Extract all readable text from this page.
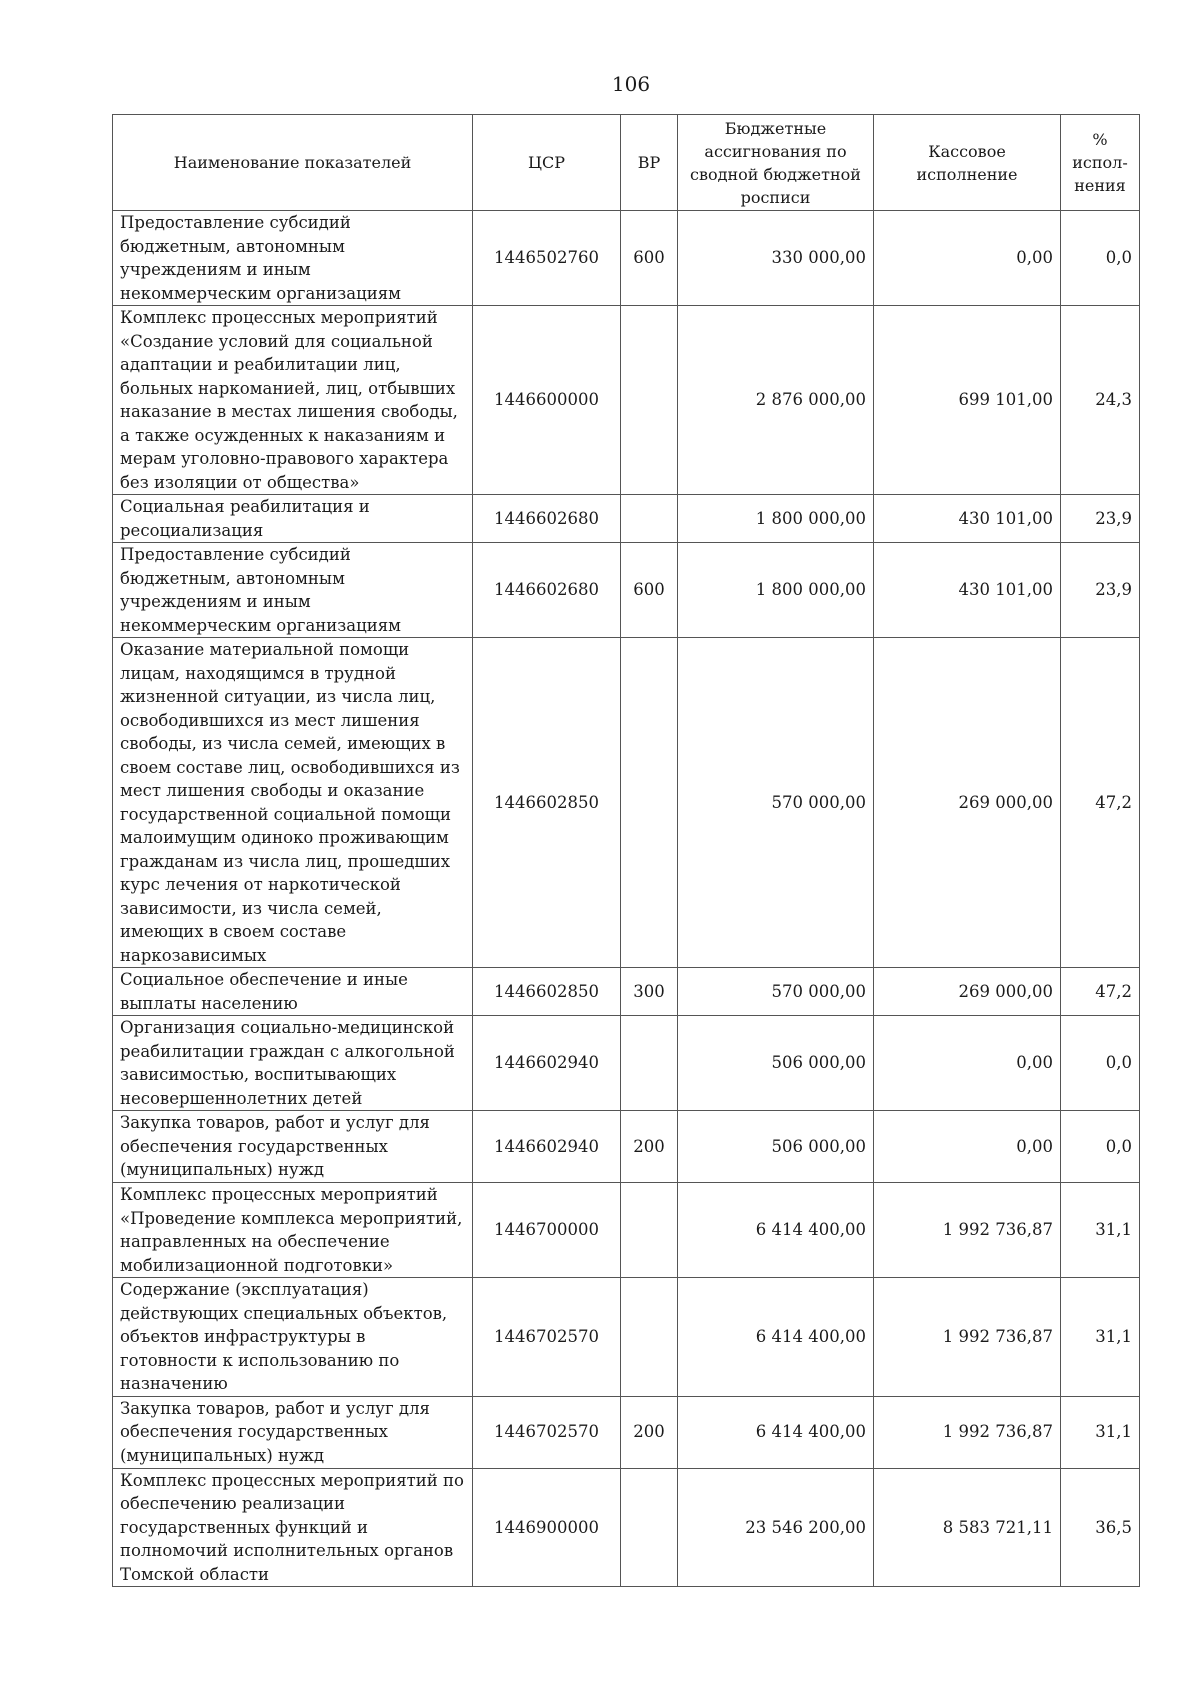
106
Наименование показателей	ЦСР	ВР	Бюджетные ассигнования по сводной бюджетной росписи	Кассовое исполнение	% испол-нения
Предоставление субсидий бюджетным, автономным учреждениям и иным некоммерческим организациям	1446502760	600	330 000,00	0,00	0,0
Комплекс процессных мероприятий «Создание условий для социальной адаптации и реабилитации лиц, больных наркоманией, лиц, отбывших наказание в местах лишения свободы, а также осужденных к наказаниям и мерам уголовно-правового характера без изоляции от общества»	1446600000		2 876 000,00	699 101,00	24,3
Социальная реабилитация и ресоциализация	1446602680		1 800 000,00	430 101,00	23,9
Предоставление субсидий бюджетным, автономным учреждениям и иным некоммерческим организациям	1446602680	600	1 800 000,00	430 101,00	23,9
Оказание материальной помощи лицам, находящимся в трудной жизненной ситуации, из числа лиц, освободившихся из мест лишения свободы, из числа семей, имеющих в своем составе лиц, освободившихся из мест лишения свободы и оказание государственной социальной помощи малоимущим одиноко проживающим гражданам из числа лиц, прошедших курс лечения от наркотической зависимости, из числа семей, имеющих в своем составе наркозависимых	1446602850		570 000,00	269 000,00	47,2
Социальное обеспечение и иные выплаты населению	1446602850	300	570 000,00	269 000,00	47,2
Организация социально-медицинской реабилитации граждан с алкогольной зависимостью, воспитывающих несовершеннолетних детей	1446602940		506 000,00	0,00	0,0
Закупка товаров, работ и услуг для обеспечения государственных (муниципальных) нужд	1446602940	200	506 000,00	0,00	0,0
Комплекс процессных мероприятий «Проведение комплекса мероприятий, направленных на обеспечение мобилизационной подготовки»	1446700000		6 414 400,00	1 992 736,87	31,1
Содержание (эксплуатация) действующих специальных объектов, объектов инфраструктуры в готовности к использованию по назначению	1446702570		6 414 400,00	1 992 736,87	31,1
Закупка товаров, работ и услуг для обеспечения государственных (муниципальных) нужд	1446702570	200	6 414 400,00	1 992 736,87	31,1
Комплекс процессных мероприятий по обеспечению реализации государственных функций и полномочий исполнительных органов Томской области	1446900000		23 546 200,00	8 583 721,11	36,5
